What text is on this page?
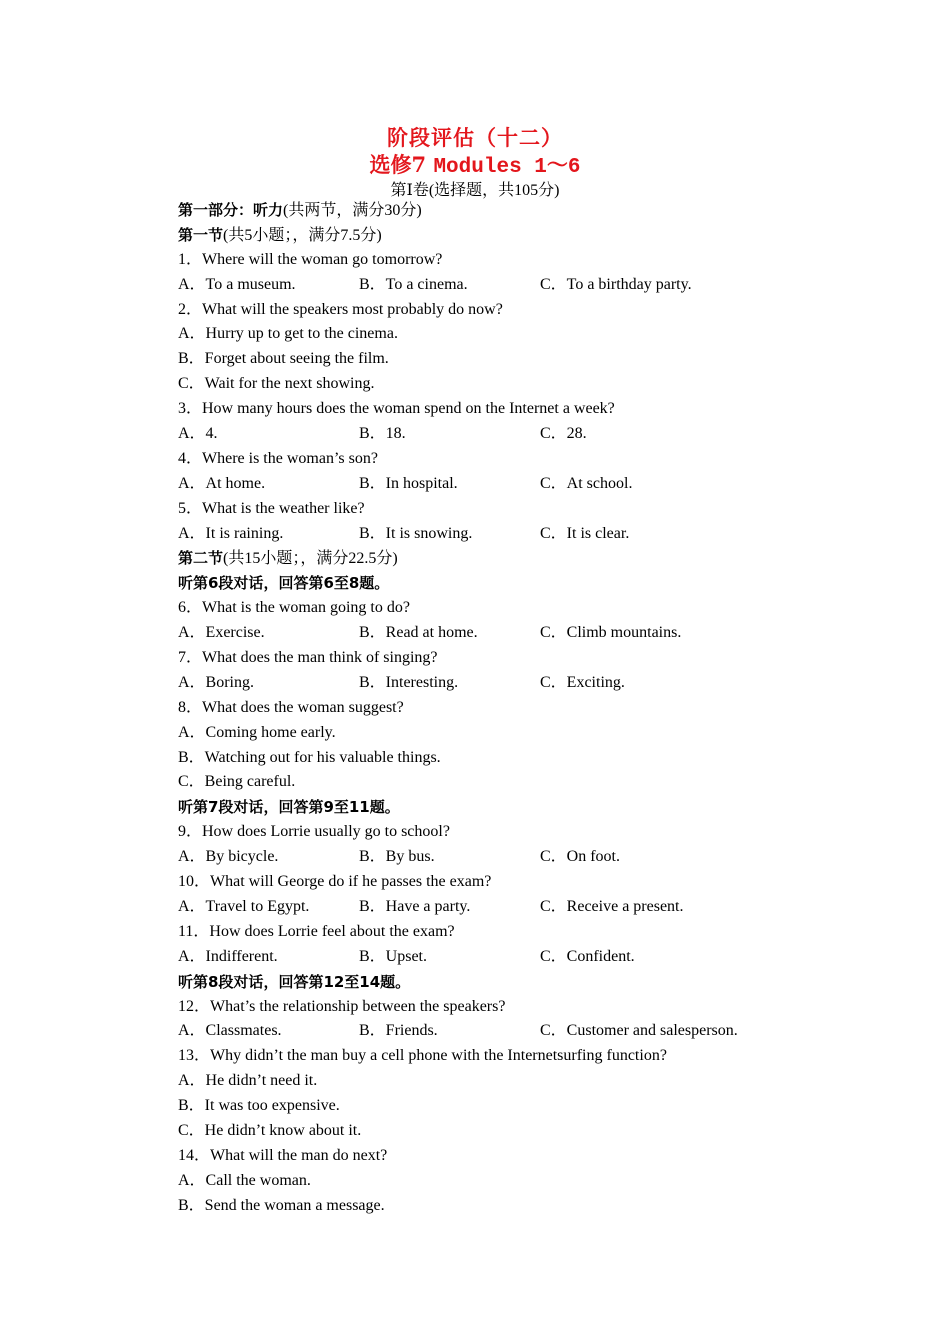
阶段评估（十二）
选修7 Modules 1～6
第Ⅰ卷(选择题，共105分)
第一部分：听力(共两节，满分30分)
第一节(共5小题；，满分7.5分)
1．Where will the woman go tomorrow?
A．To a museum.	B．To a cinema.	C．To a birthday party.
2．What will the speakers most probably do now?
A．Hurry up to get to the cinema.
B．Forget about seeing the film.
C．Wait for the next showing.
3．How many hours does the woman spend on the Internet a week?
A．4.	B．18.	C．28.
4．Where is the woman’s son?
A．At home.	B．In hospital.	C．At school.
5．What is the weather like?
A．It is raining.	B．It is snowing.	C．It is clear.
第二节(共15小题；，满分22.5分)
听第6段对话，回答第6至8题。
6．What is the woman going to do?
A．Exercise.	B．Read at home.	C．Climb mountains.
7．What does the man think of singing?
A．Boring.	B．Interesting.	C．Exciting.
8．What does the woman suggest?
A．Coming home early.
B．Watching out for his valuable things.
C．Being careful.
听第7段对话，回答第9至11题。
9．How does Lorrie usually go to school?
A．By bicycle.	B．By bus.	C．On foot.
10．What will George do if he passes the exam?
A．Travel to Egypt.	B．Have a party.	C．Receive a present.
11．How does Lorrie feel about the exam?
A．Indifferent.	B．Upset.	C．Confident.
听第8段对话，回答第12至14题。
12．What’s the relationship between the speakers?
A．Classmates.	B．Friends.	C．Customer and salesperson.
13．Why didn’t the man buy a cell phone with the Internetsurfing function?
A．He didn’t need it.
B．It was too expensive.
C．He didn’t know about it.
14．What will the man do next?
A．Call the woman.
B．Send the woman a message.
